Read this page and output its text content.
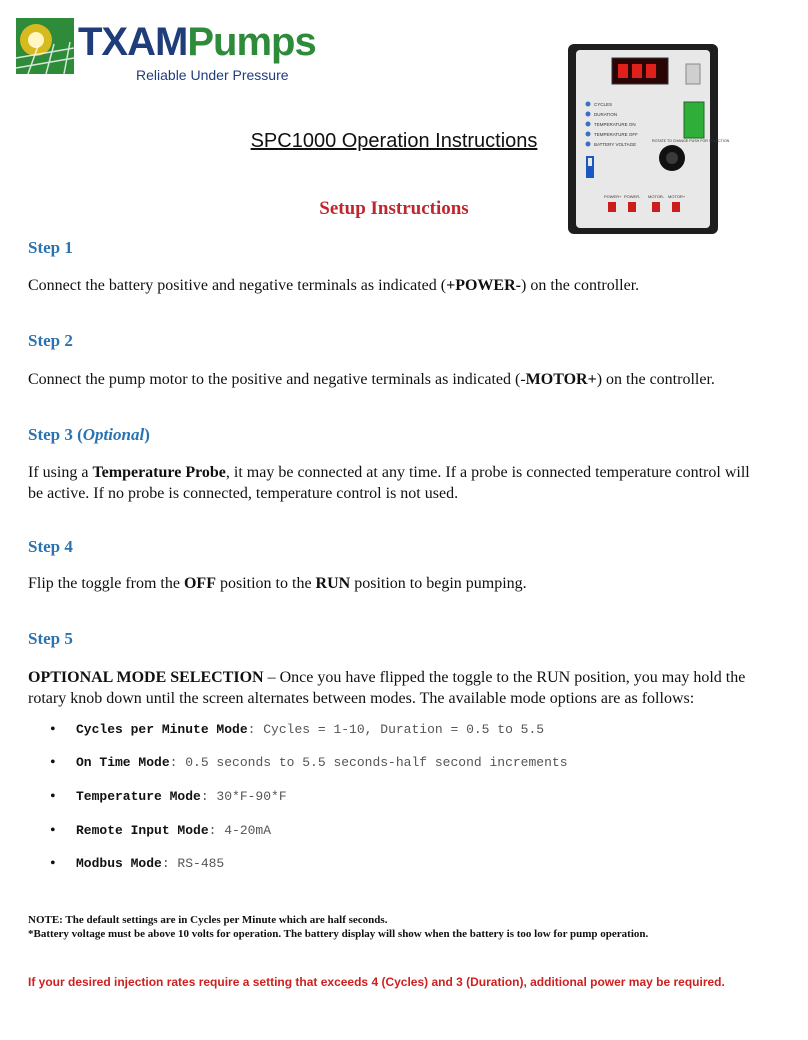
TXAMPumps
Reliable Under Pressure
CYCLES
DURATION
TEMPERATURE ON
TEMPERATURE OFF
BATTERY VOLTAGE
ROTATE TO CHANGE PUSH FOR SELECTION
POWER+ POWER- MOTOR- MOTOR+
SPC1000 Operation Instructions
Setup Instructions
Step 1
Connect the battery positive and negative terminals as indicated (+POWER-) on the controller.
Step 2
Connect the pump motor to the positive and negative terminals as indicated (-MOTOR+) on the controller.
Step 3 (Optional)
If using a Temperature Probe, it may be connected at any time. If a probe is connected temperature control will be active. If no probe is connected, temperature control is not used.
Step 4
Flip the toggle from the OFF position to the RUN position to begin pumping.
Step 5
OPTIONAL MODE SELECTION – Once you have flipped the toggle to the RUN position, you may hold the rotary knob down until the screen alternates between modes. The available mode options are as follows:
• Cycles per Minute Mode: Cycles = 1-10, Duration = 0.5 to 5.5
• On Time Mode: 0.5 seconds to 5.5 seconds-half second increments
• Temperature Mode: 30*F-90*F
• Remote Input Mode: 4-20mA
• Modbus Mode: RS-485
NOTE: The default settings are in Cycles per Minute which are half seconds.
*Battery voltage must be above 10 volts for operation. The battery display will show when the battery is too low for pump operation.
If your desired injection rates require a setting that exceeds 4 (Cycles) and 3 (Duration), additional power may be required.
